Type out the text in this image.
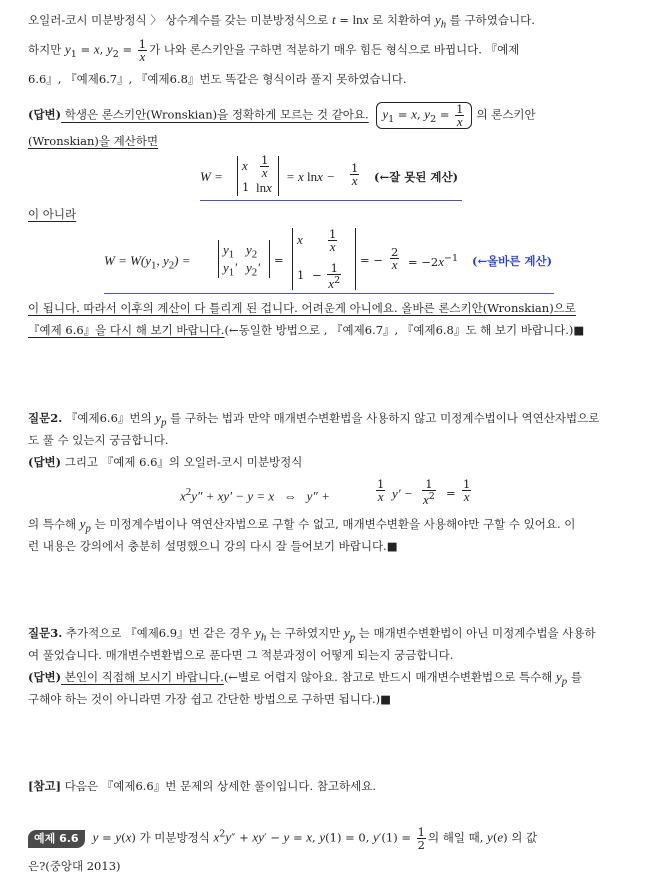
오일러-코시 미분방정식 〉 상수계수를 갖는 미분방정식으로 t = lnx 로 치환하여 $y_h$ 를 구하였습니다.
하지만 $y_1 = x$, $y_2 = \frac{1}{x}$ 가 나와 론스키안을 구하면 적분하기 매우 힘든 형식으로 바뀝니다. 『예제
6.6』, 『예제6.7』, 『예제6.8』번도 똑같은 형식이라 풀지 못하였습니다.
(답변) 학생은 론스키안(Wronskian)을 정확하게 모르는 것 같아요. $y_1 = x$, $y_2 = \frac{1}{x}$ 의 론스키안
(Wronskian)을 계산하면
W =
x $\frac{1}{x}$
1 lnx
= x $\ln x - \frac{1}{x}$ (←잘 못된 계산)
이 아니라
$W = W(y_1$, $y_2$) =
$y_1$ $y_2$
$y_1'$ $y_2'$ =
x $\frac{1}{x}$
$1 - \frac{1}{x^2}$
= − $\frac{2}{x} = -2x^{-1}$ (←올바른 계산)
이 됩니다. 따라서 이후의 계산이 다 틀리게 된 겁니다. 어려운게 아니에요. 올바른 론스키안(Wronskian)으로
『예제 6.6』을 다시 해 보기 바랍니다.(←동일한 방법으로 , 『예제6.7』, 『예제6.8』도 해 보기 바랍니다.)■
질문2. 『예제6.6』번의 $y_p$ 를 구하는 법과 만약 매개변수변환법을 사용하지 않고 미정계수법이나 역연산자법으로
도 풀 수 있는지 궁금합니다.
(답변) 그리고 『예제 6.6』의 오일러-코시 미분방정식
$x^2y'' + xy' - y = x$   ⇔   y″ +	$\frac{1}{x} y' - \frac{1}{x^2} = \frac{1}{x}$
의 특수해 $y_p$ 는 미정계수법이나 역연산자법으로 구할 수 없고, 매개변수변환을 사용해야만 구할 수 있어요. 이
런 내용은 강의에서 충분히 설명했으니 강의 다시 잘 들어보기 바랍니다.■
질문3. 추가적으로 『예제6.9』번 같은 경우 $y_h$ 는 구하였지만 $y_p$ 는 매개변수변환법이 아닌 미정계수법을 사용하
여 풀었습니다. 매개변수변환법으로 푼다면 그 적분과정이 어떻게 되는지 궁금합니다.
(답변) 본인이 직접해 보시기 바랍니다.(←별로 어렵지 않아요. 참고로 반드시 매개변수변환법으로 특수해 $y_p$ 를
구해야 하는 것이 아니라면 가장 쉽고 간단한 방법으로 구하면 됩니다.)■
[참고] 다음은 『예제6.6』번 문제의 상세한 풀이입니다. 참고하세요.
예제 6.6 y = y(x) 가 미분방정식 $x^2y'' + xy' - y = x$, y(1) = 0, $y'(1) = \frac{1}{2}$ 의 해일 때, y(e) 의 값
은?(중앙대 2013)
